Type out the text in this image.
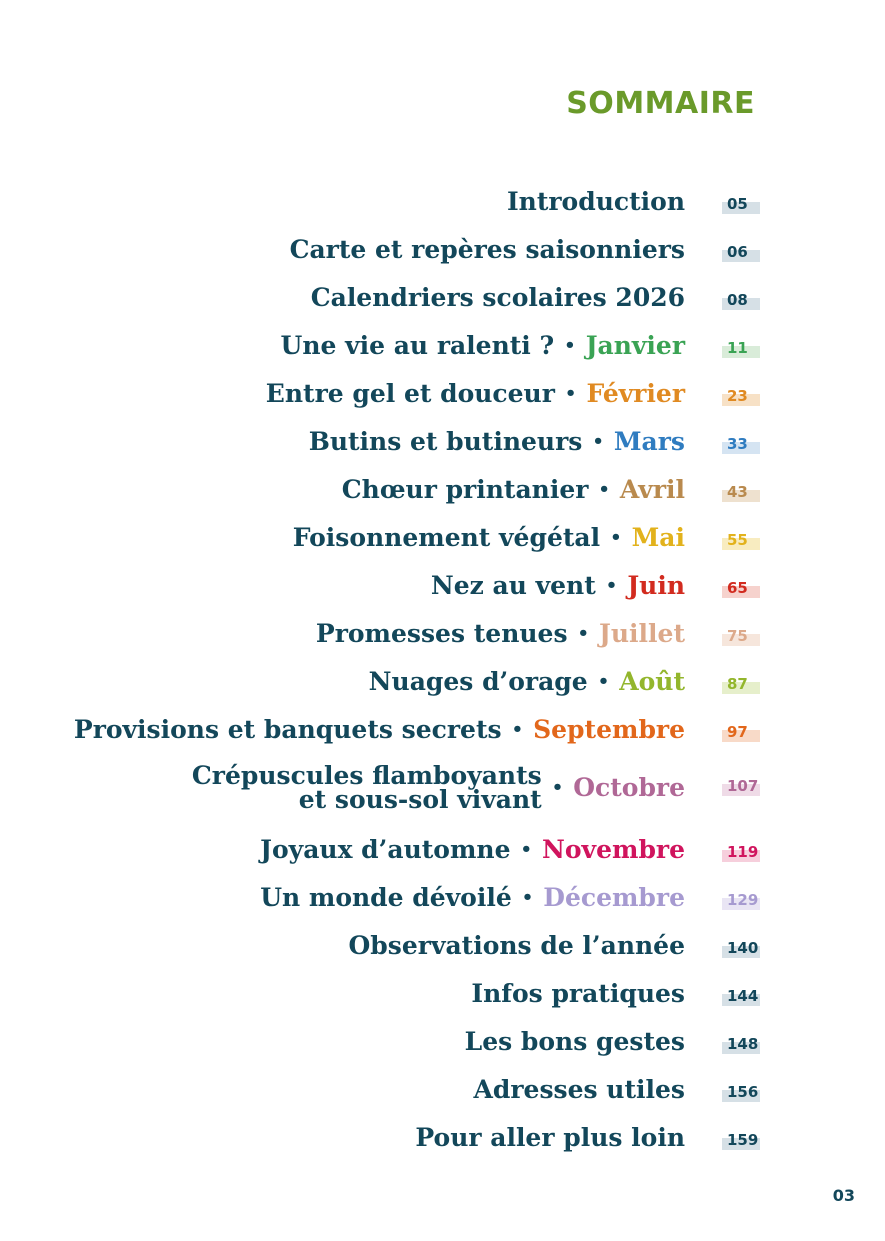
SOMMAIRE
Introduction	05
Carte et repères saisonniers	06
Calendriers scolaires 2026	08
Une vie au ralenti ? • Janvier	11
Entre gel et douceur • Février	23
Butins et butineurs • Mars	33
Chœur printanier • Avril	43
Foisonnement végétal • Mai	55
Nez au vent • Juin	65
Promesses tenues • Juillet	75
Nuages d’orage • Août	87
Provisions et banquets secrets • Septembre	97
Crépuscules flamboyants
et sous-sol vivant • Octobre	107
Joyaux d’automne • Novembre	119
Un monde dévoilé • Décembre	129
Observations de l’année	140
Infos pratiques	144
Les bons gestes	148
Adresses utiles	156
Pour aller plus loin	159
03
